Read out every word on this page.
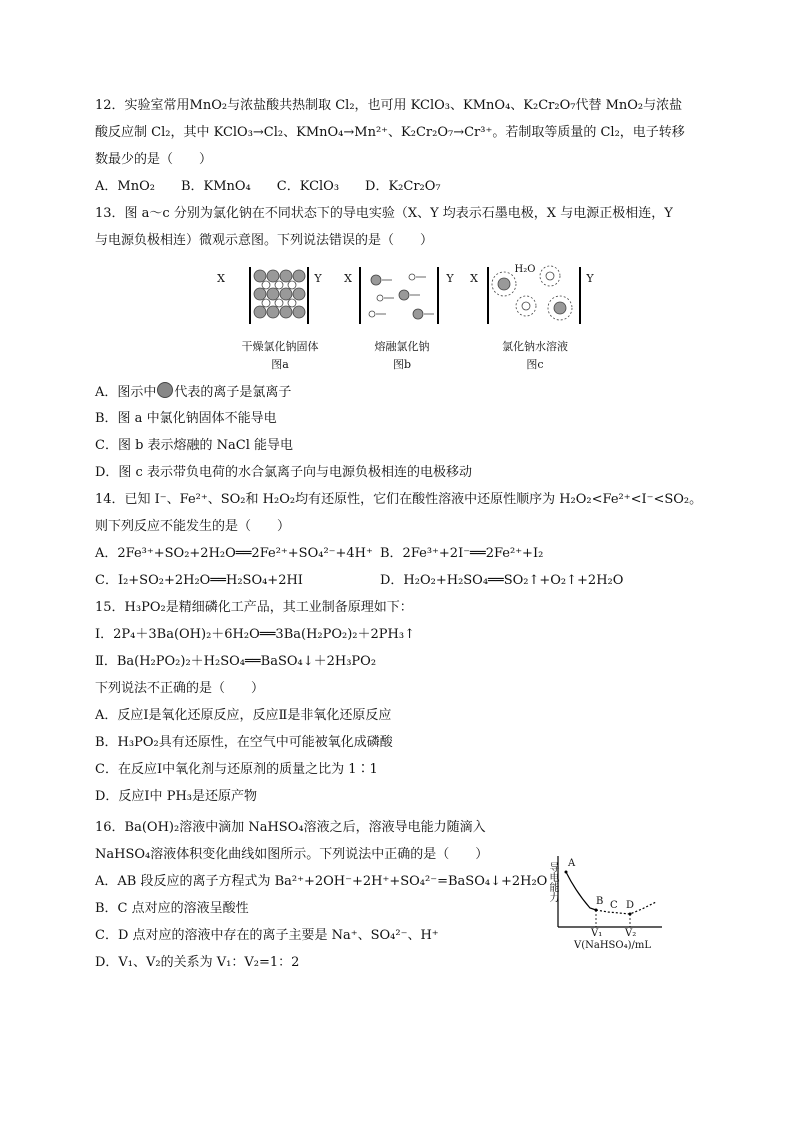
12．实验室常用MnO₂与浓盐酸共热制取 Cl₂，也可用 KClO₃、KMnO₄、K₂Cr₂O₇代替 MnO₂与浓盐
酸反应制 Cl₂，其中 KClO₃→Cl₂、KMnO₄→Mn²⁺、K₂Cr₂O₇→Cr³⁺。若制取等质量的 Cl₂，电子转移
数最少的是（　　）
A．MnO₂　　B．KMnO₄　　C．KClO₃　　D．K₂Cr₂O₇
13．图 a～c 分别为氯化钠在不同状态下的导电实验（X、Y 均表示石墨电极，X 与电源正极相连，Y
与电源负极相连）微观示意图。下列说法错误的是（　　）
X	Y
干燥氯化钠固体
图a
X	Y
熔融氯化钠
图b
H₂O
X	Y
氯化钠水溶液
图c
A．图示中 代表的离子是氯离子
B．图 a 中氯化钠固体不能导电
C．图 b 表示熔融的 NaCl 能导电
D．图 c 表示带负电荷的水合氯离子向与电源负极相连的电极移动
14．已知 I⁻、Fe²⁺、SO₂和 H₂O₂均有还原性，它们在酸性溶液中还原性顺序为 H₂O₂<Fe²⁺<I⁻<SO₂。
则下列反应不能发生的是（　　）
A．2Fe³⁺+SO₂+2H₂O══2Fe²⁺+SO₄²⁻+4H⁺ B．2Fe³⁺+2I⁻══2Fe²⁺+I₂
C．I₂+SO₂+2H₂O══H₂SO₄+2HI	D．H₂O₂+H₂SO₄══SO₂↑+O₂↑+2H₂O
15．H₃PO₂是精细磷化工产品，其工业制备原理如下：
Ⅰ．2P₄＋3Ba(OH)₂＋6H₂O══3Ba(H₂PO₂)₂＋2PH₃↑
Ⅱ．Ba(H₂PO₂)₂＋H₂SO₄══BaSO₄↓＋2H₃PO₂
下列说法不正确的是（　　）
A．反应Ⅰ是氧化还原反应，反应Ⅱ是非氧化还原反应
B．H₃PO₂具有还原性，在空气中可能被氧化成磷酸
C．在反应Ⅰ中氧化剂与还原剂的质量之比为 1∶1
D．反应Ⅰ中 PH₃是还原产物
16．Ba(OH)₂溶液中滴加 NaHSO₄溶液之后，溶液导电能力随滴入
NaHSO₄溶液体积变化曲线如图所示。下列说法中正确的是（　　）
A．AB 段反应的离子方程式为 Ba²⁺+2OH⁻+2H⁺+SO₄²⁻=BaSO₄↓+2H₂O
B．C 点对应的溶液呈酸性
C．D 点对应的溶液中存在的离子主要是 Na⁺、SO₄²⁻、H⁺
D．V₁、V₂的关系为 V₁：V₂=1：2
导电能力 A
B C D
V₁ V₂
V(NaHSO₄)/mL
